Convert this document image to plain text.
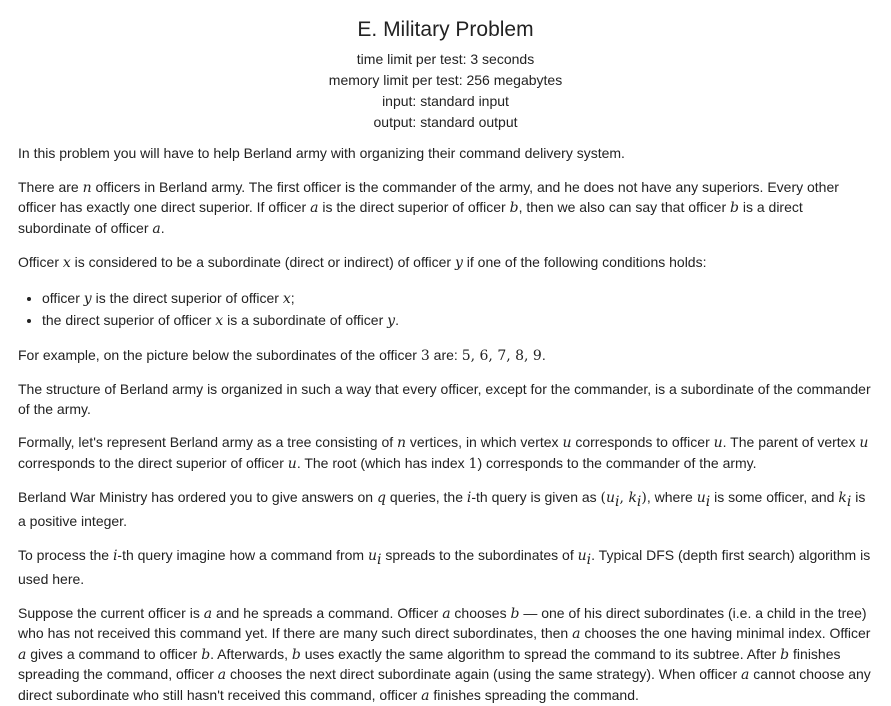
E. Military Problem
time limit per test: 3 seconds
memory limit per test: 256 megabytes
input: standard input
output: standard output

In this problem you will have to help Berland army with organizing their command delivery system.

There are n officers in Berland army. The first officer is the commander of the army, and he does not have any superiors. Every other officer has exactly one direct superior. If officer a is the direct superior of officer b, then we also can say that officer b is a direct subordinate of officer a.

Officer x is considered to be a subordinate (direct or indirect) of officer y if one of the following conditions holds:

• officer y is the direct superior of officer x;
• the direct superior of officer x is a subordinate of officer y.

For example, on the picture below the subordinates of the officer 3 are: 5, 6, 7, 8, 9.

The structure of Berland army is organized in such a way that every officer, except for the commander, is a subordinate of the commander of the army.

Formally, let's represent Berland army as a tree consisting of n vertices, in which vertex u corresponds to officer u. The parent of vertex u corresponds to the direct superior of officer u. The root (which has index 1) corresponds to the commander of the army.

Berland War Ministry has ordered you to give answers on q queries, the i-th query is given as ($u_i$, $k_i$), where $u_i$ is some officer, and $k_i$ is a positive integer.

To process the i-th query imagine how a command from $u_i$ spreads to the subordinates of $u_i$. Typical DFS (depth first search) algorithm is used here.

Suppose the current officer is a and he spreads a command. Officer a chooses b — one of his direct subordinates (i.e. a child in the tree) who has not received this command yet. If there are many such direct subordinates, then a chooses the one having minimal index. Officer a gives a command to officer b. Afterwards, b uses exactly the same algorithm to spread the command to its subtree. After b finishes spreading the command, officer a chooses the next direct subordinate again (using the same strategy). When officer a cannot choose any direct subordinate who still hasn't received this command, officer a finishes spreading the command.
